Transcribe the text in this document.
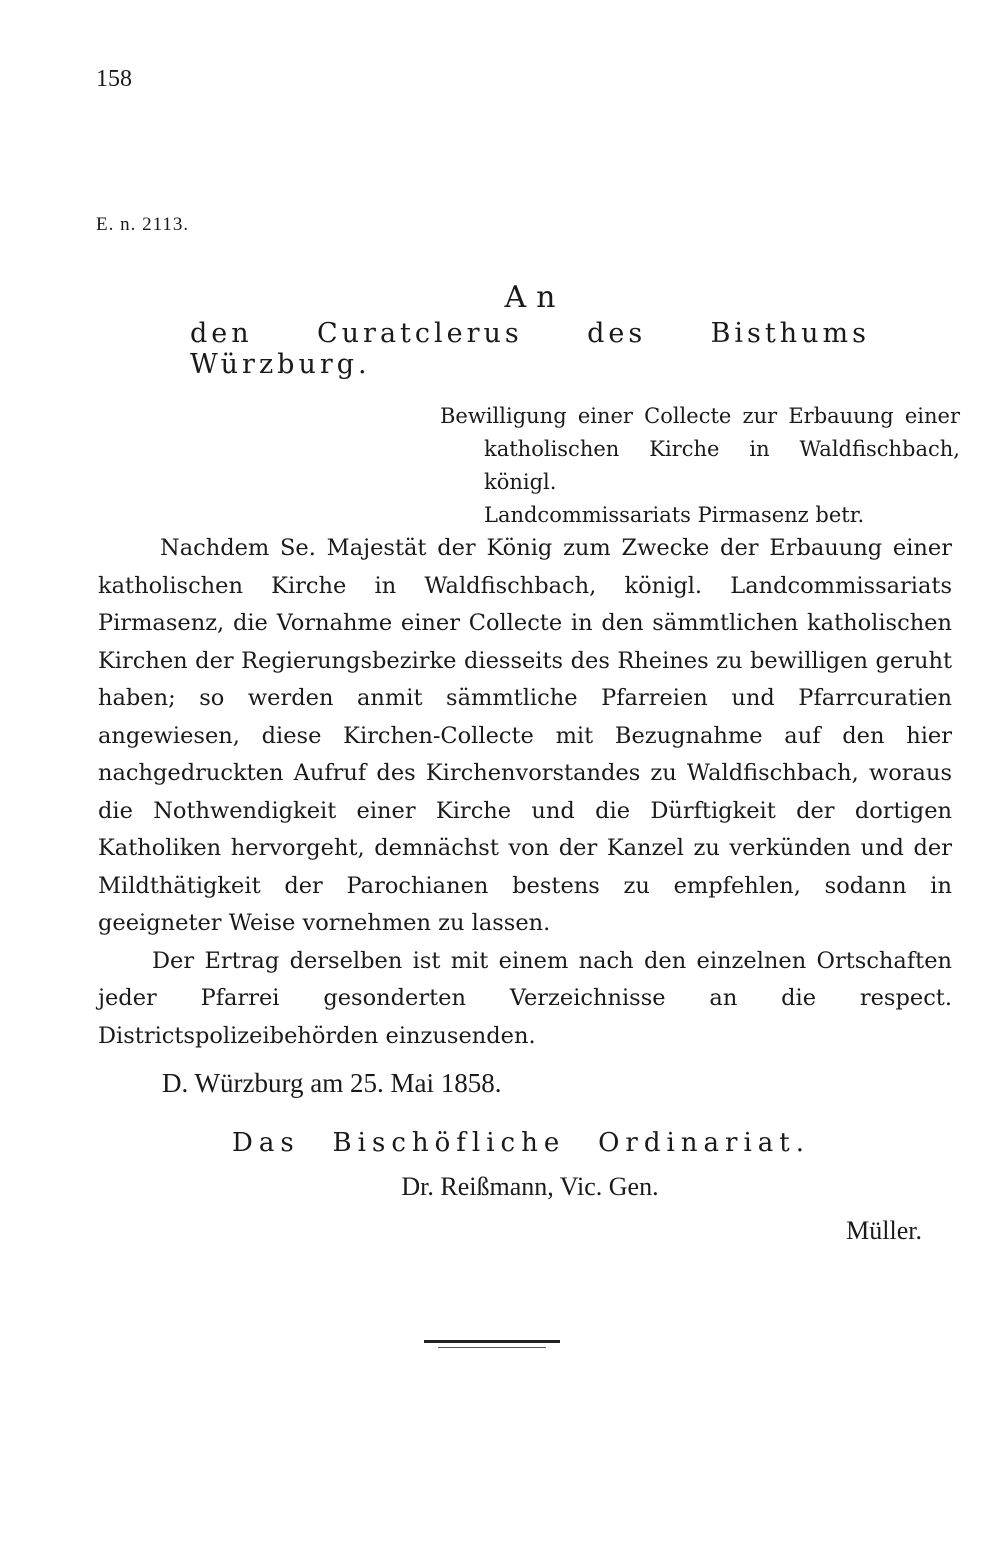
158
E. n. 2113.
An
den Curatclerus des Bisthums Würzburg.

Bewilligung einer Collecte zur Erbauung einer

katholischen Kirche in Waldfischbach, königl.

Landcommissariats Pirmasenz betr.

Nachdem Se. Majestät der König zum Zwecke der Erbauung einer katholischen Kirche in Waldfischbach, königl. Landcommissariats Pirmasenz, die Vornahme einer Collecte in den sämmtlichen katholischen Kirchen der Regierungsbezirke diesseits des Rheines zu bewilligen geruht haben; so werden anmit sämmtliche Pfarreien und Pfarrcuratien angewiesen, diese Kirchen-Collecte mit Bezugnahme auf den hier nachgedruckten Aufruf des Kirchenvorstandes zu Waldfischbach, woraus die Nothwendigkeit einer Kirche und die Dürftigkeit der dortigen Katholiken hervorgeht, demnächst von der Kanzel zu verkünden und der Mildthätigkeit der Parochianen bestens zu empfehlen, sodann in geeigneter Weise vornehmen zu lassen.

Der Ertrag derselben ist mit einem nach den einzelnen Ortschaften jeder Pfarrei gesonderten Verzeichnisse an die respect. Districtspolizeibehörden einzusenden.

D. Würzburg am 25. Mai 1858.
Das Bischöfliche Ordinariat.
Dr. Reißmann, Vic. Gen.
Müller.
